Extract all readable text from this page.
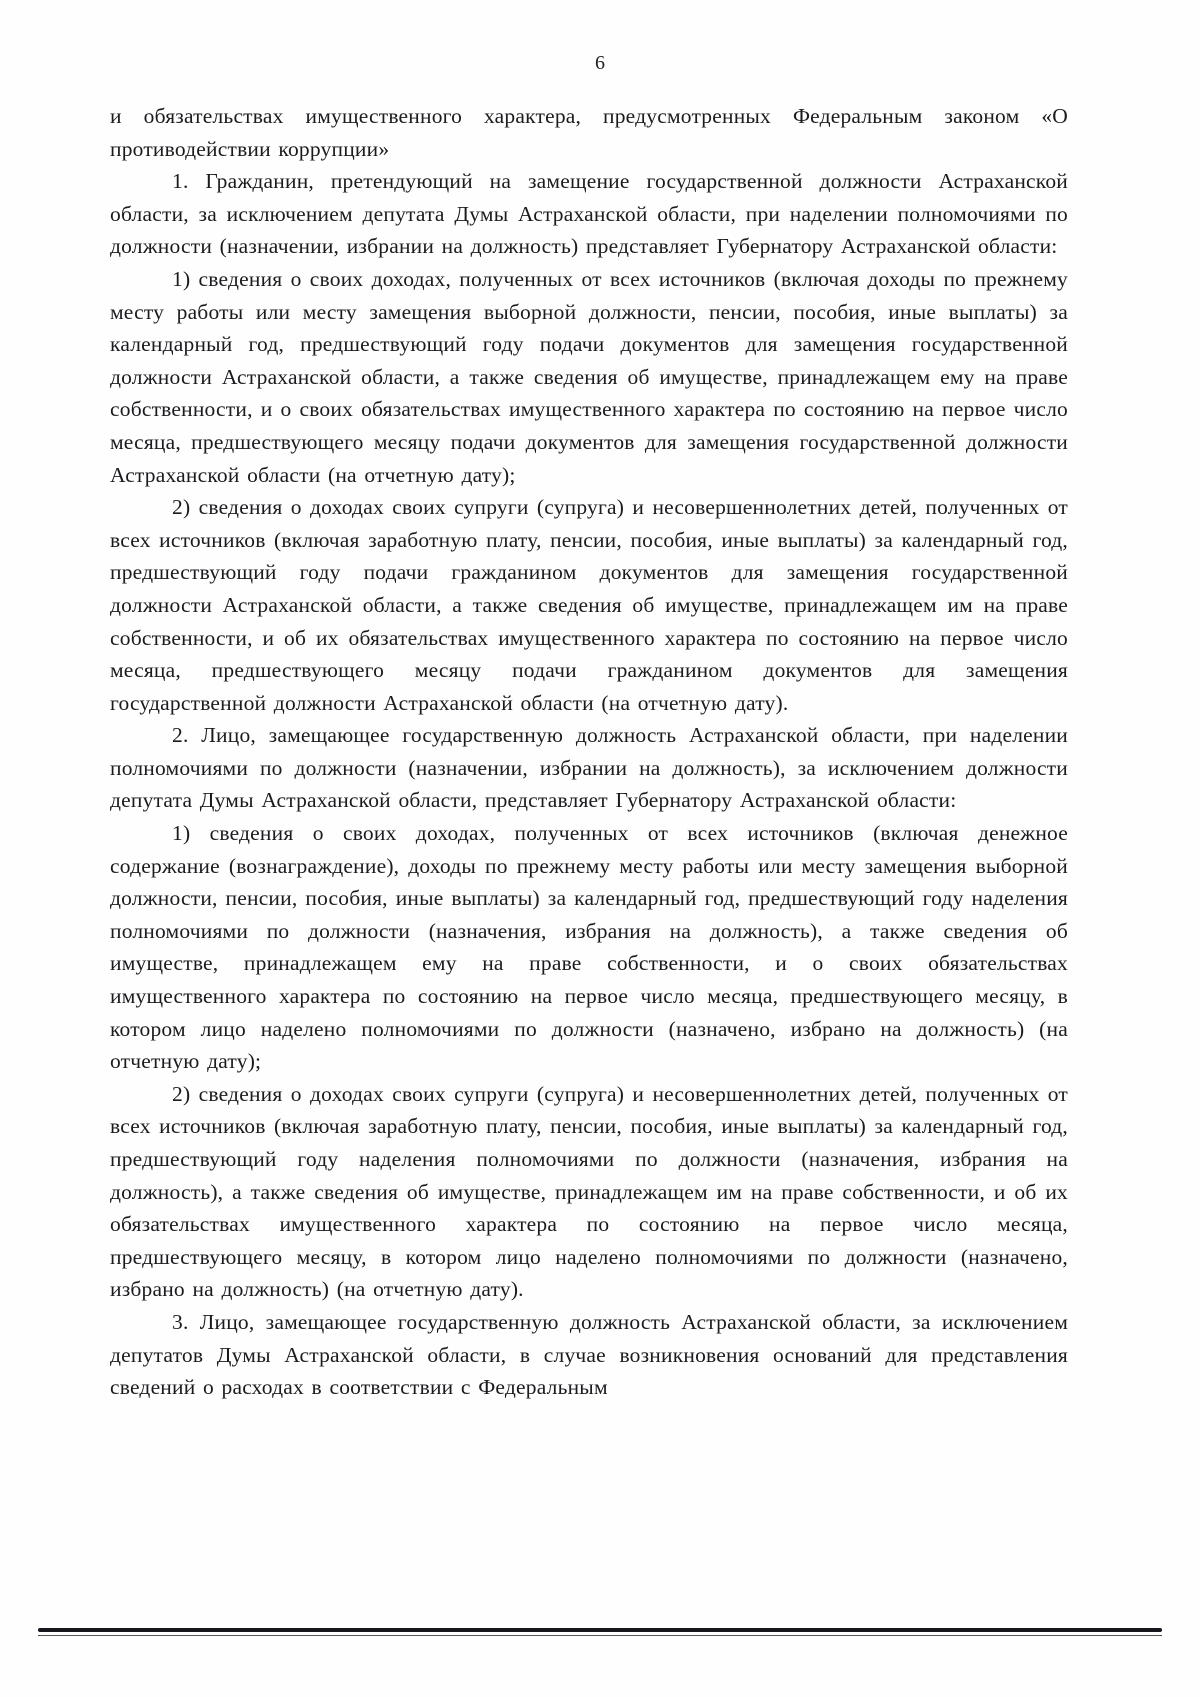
6

и обязательствах имущественного характера, предусмотренных Федеральным законом «О противодействии коррупции»

1. Гражданин, претендующий на замещение государственной должности Астраханской области, за исключением депутата Думы Астраханской области, при наделении полномочиями по должности (назначении, избрании на должность) представляет Губернатору Астраханской области:

1) сведения о своих доходах, полученных от всех источников (включая доходы по прежнему месту работы или месту замещения выборной должности, пенсии, пособия, иные выплаты) за календарный год, предшествующий году подачи документов для замещения государственной должности Астраханской области, а также сведения об имуществе, принадлежащем ему на праве собственности, и о своих обязательствах имущественного характера по состоянию на первое число месяца, предшествующего месяцу подачи документов для замещения государственной должности Астраханской области (на отчетную дату);

2) сведения о доходах своих супруги (супруга) и несовершеннолетних детей, полученных от всех источников (включая заработную плату, пенсии, пособия, иные выплаты) за календарный год, предшествующий году подачи гражданином документов для замещения государственной должности Астраханской области, а также сведения об имуществе, принадлежащем им на праве собственности, и об их обязательствах имущественного характера по состоянию на первое число месяца, предшествующего месяцу подачи гражданином документов для замещения государственной должности Астраханской области (на отчетную дату).

2. Лицо, замещающее государственную должность Астраханской области, при наделении полномочиями по должности (назначении, избрании на должность), за исключением должности депутата Думы Астраханской области, представляет Губернатору Астраханской области:

1) сведения о своих доходах, полученных от всех источников (включая денежное содержание (вознаграждение), доходы по прежнему месту работы или месту замещения выборной должности, пенсии, пособия, иные выплаты) за календарный год, предшествующий году наделения полномочиями по должности (назначения, избрания на должность), а также сведения об имуществе, принадлежащем ему на праве собственности, и о своих обязательствах имущественного характера по состоянию на первое число месяца, предшествующего месяцу, в котором лицо наделено полномочиями по должности (назначено, избрано на должность) (на отчетную дату);

2) сведения о доходах своих супруги (супруга) и несовершеннолетних детей, полученных от всех источников (включая заработную плату, пенсии, пособия, иные выплаты) за календарный год, предшествующий году наделения полномочиями по должности (назначения, избрания на должность), а также сведения об имуществе, принадлежащем им на праве собственности, и об их обязательствах имущественного характера по состоянию на первое число месяца, предшествующего месяцу, в котором лицо наделено полномочиями по должности (назначено, избрано на должность) (на отчетную дату).

3. Лицо, замещающее государственную должность Астраханской области, за исключением депутатов Думы Астраханской области, в случае возникновения оснований для представления сведений о расходах в соответствии с Федеральным
